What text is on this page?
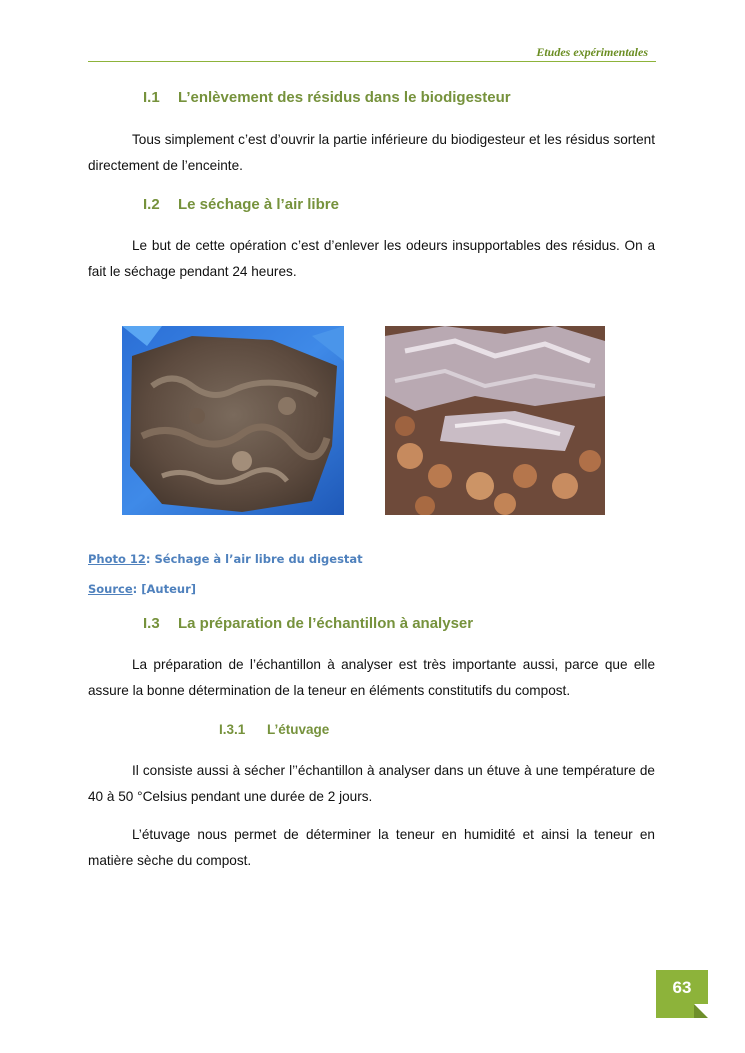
Etudes expérimentales
I.1 L’enlèvement des résidus dans le biodigesteur
Tous simplement c’est d’ouvrir la partie inférieure du biodigesteur et les résidus sortent directement de l’enceinte.
I.2 Le séchage à l’air libre
Le but de cette opération c’est d’enlever les odeurs insupportables des résidus. On a fait le séchage pendant 24 heures.
Photo 12: Séchage à l’air libre du digestat
Source: [Auteur]
I.3 La préparation de l’échantillon à analyser
La préparation de l’échantillon à analyser est très importante aussi, parce que elle assure la bonne détermination de la teneur en éléments constitutifs du compost.
I.3.1 L’étuvage
Il consiste aussi à sécher l’’échantillon à analyser dans un étuve à une température de 40 à 50 °Celsius pendant une durée de 2 jours.
L’étuvage nous permet de déterminer la teneur en humidité et ainsi la teneur en matière sèche du compost.
63
